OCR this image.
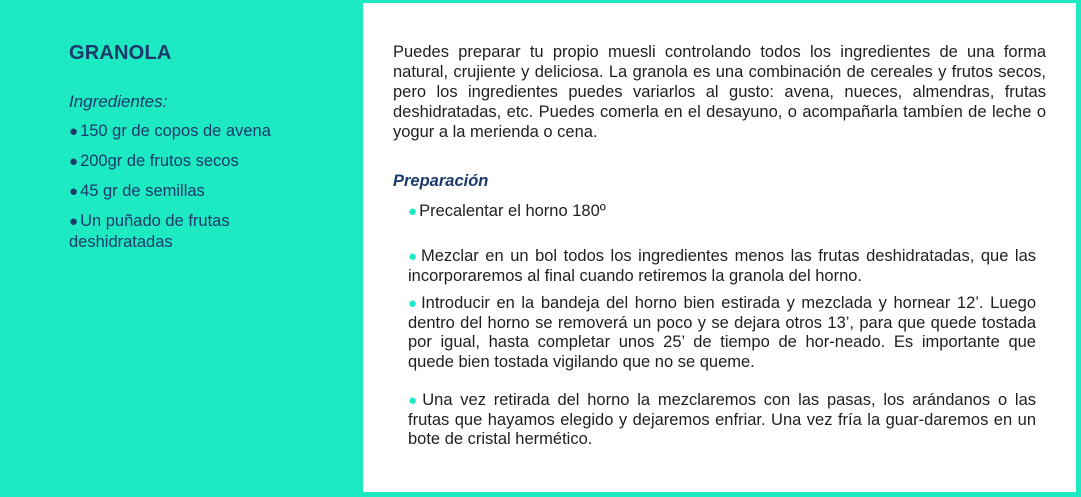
GRANOLA
Ingredientes:
● 150 gr de copos de avena
● 200gr de frutos secos
● 45 gr de semillas
● Un puñado de frutas deshidratadas

Puedes preparar tu propio muesli controlando todos los ingredientes de una forma natural, crujiente y deliciosa. La granola es una combinación de cereales y frutos secos, pero los ingredientes puedes variarlos al gusto: avena, nueces, almendras, frutas deshidratadas, etc. Puedes comerla en el desayuno, o acompañarla tambíen de leche o yogur a la merienda o cena.

Preparación
● Precalentar el horno 180º
● Mezclar en un bol todos los ingredientes menos las frutas deshidratadas, que las incorporaremos al final cuando retiremos la granola del horno.
● Introducir en la bandeja del horno bien estirada y mezclada y hornear 12’. Luego dentro del horno se removerá un poco y se dejara otros 13’, para que quede tostada por igual, hasta completar unos 25’ de tiempo de hor-neado. Es importante que quede bien tostada vigilando que no se queme.
● Una vez retirada del horno la mezclaremos con las pasas, los arándanos o las frutas que hayamos elegido y dejaremos enfriar. Una vez fría la guar-daremos en un bote de cristal hermético.
